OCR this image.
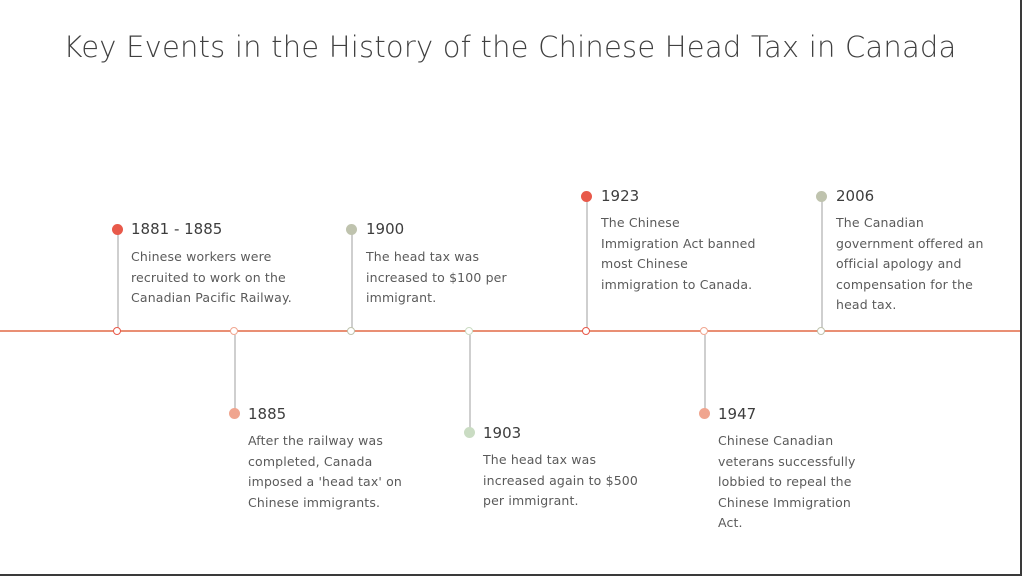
Key Events in the History of the Chinese Head Tax in Canada
1881 - 1885
Chinese workers were recruited to work on the Canadian Pacific Railway.
1885
After the railway was completed, Canada imposed a 'head tax' on Chinese immigrants.
1900
The head tax was increased to $100 per immigrant.
1903
The head tax was increased again to $500 per immigrant.
1923
The Chinese Immigration Act banned most Chinese immigration to Canada.
1947
Chinese Canadian veterans successfully lobbied to repeal the Chinese Immigration Act.
2006
The Canadian government offered an official apology and compensation for the head tax.
